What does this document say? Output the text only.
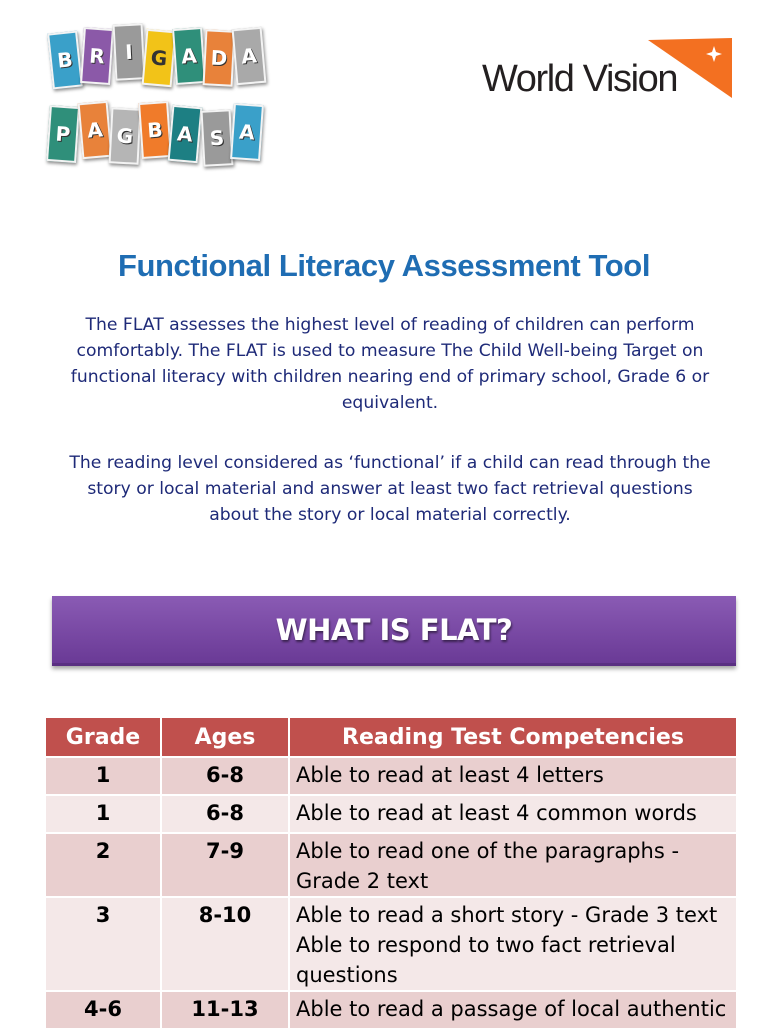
B R I G A D A
P A G B A S A
World Vision
Functional Literacy Assessment Tool
The FLAT assesses the highest level of reading of children can perform comfortably. The FLAT is used to measure The Child Well-being Target on functional literacy with children nearing end of primary school, Grade 6 or equivalent.
The reading level considered as ‘functional’ if a child can read through the story or local material and answer at least two fact retrieval questions about the story or local material correctly.
WHAT IS FLAT?
Grade	Ages	Reading Test Competencies
1	6-8	Able to read at least 4 letters

1	6-8	Able to read at least 4 common words

2	7-9	Able to read one of the paragraphs - Grade 2 text

3	8-10	Able to read a short story - Grade 3 text
Able to respond to two fact retrieval questions

4-6	11-13	Able to read a passage of local authentic
